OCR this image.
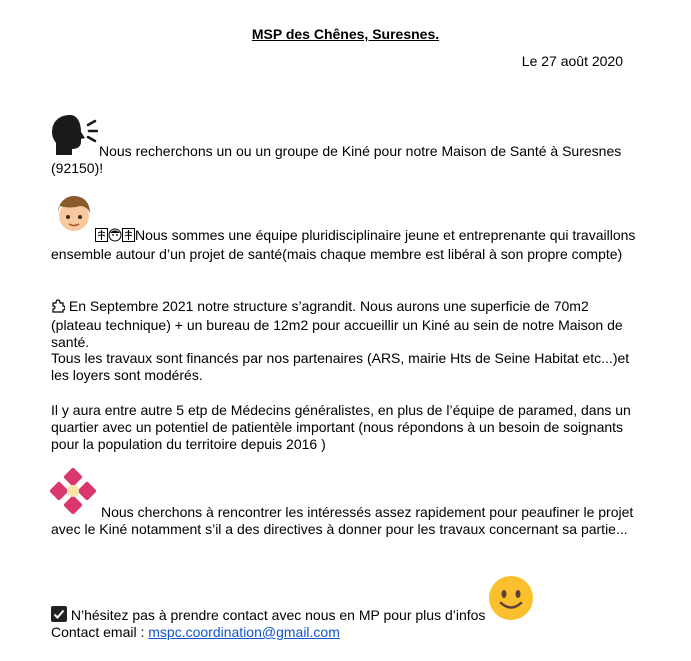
MSP des Chênes, Suresnes.
Le 27 août 2020
Nous recherchons un ou un groupe de Kiné pour notre Maison de Santé à Suresnes (92150)!
Nous sommes une équipe pluridisciplinaire jeune et entreprenante qui travaillons ensemble autour d’un projet de santé(mais chaque membre est libéral à son propre compte)
En Septembre 2021 notre structure s’agrandit. Nous aurons une superficie de 70m2 (plateau technique) + un bureau de 12m2 pour accueillir un Kiné au sein de notre Maison de santé.
Tous les travaux sont financés par nos partenaires (ARS, mairie Hts de Seine Habitat etc...)et les loyers sont modérés.
Il y aura entre autre 5 etp de Médecins généralistes, en plus de l’équipe de paramed, dans un quartier avec un potentiel de patientèle important (nous répondons à un besoin de soignants pour la population du territoire depuis 2016 )
Nous cherchons à rencontrer les intéressés assez rapidement pour peaufiner le projet avec le Kiné notamment s’il a des directives à donner pour les travaux concernant sa partie...
N’hésitez pas à prendre contact avec nous en MP pour plus d’infos
Contact email : mspc.coordination@gmail.com
